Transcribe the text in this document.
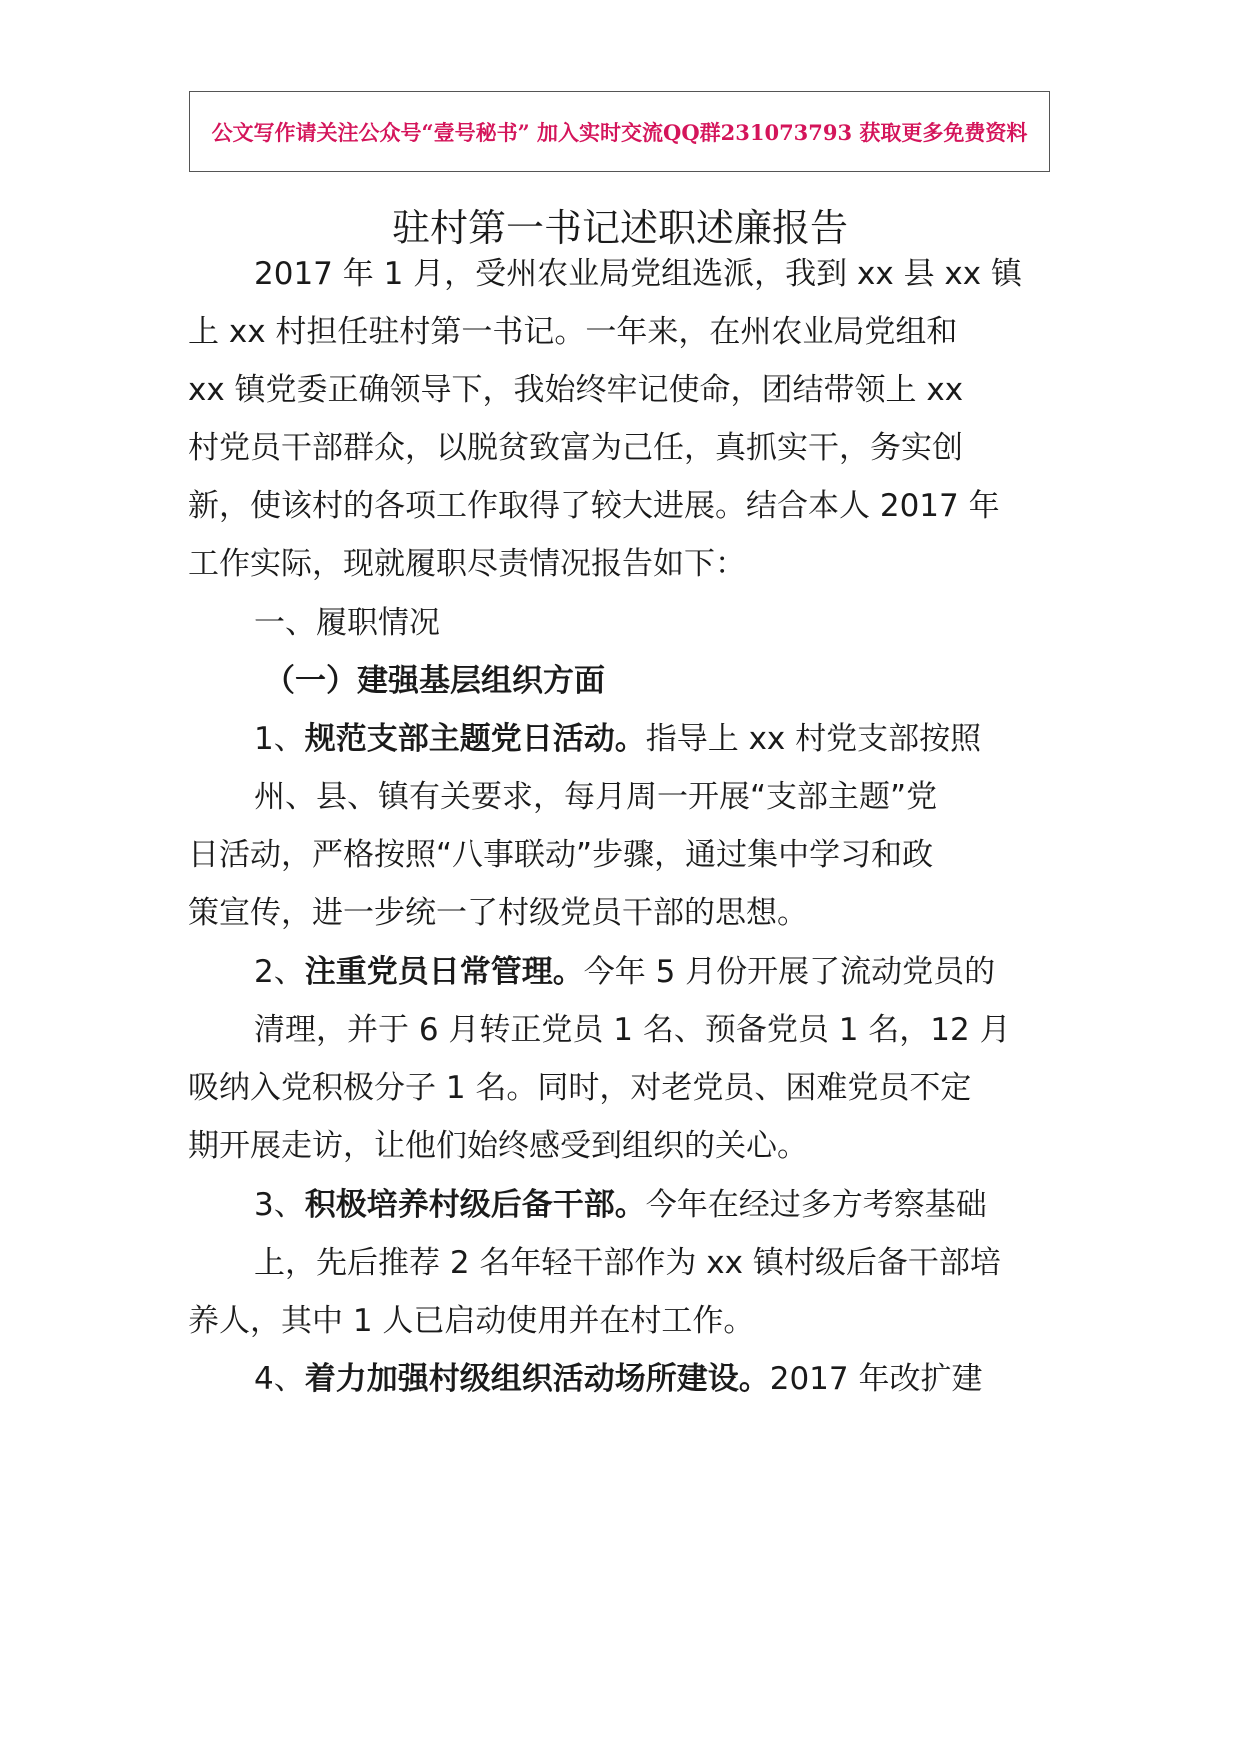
公文写作请关注公众号“壹号秘书” 加入实时交流QQ群231073793 获取更多免费资料
驻村第一书记述职述廉报告
2017 年 1 月，受州农业局党组选派，我到 xx 县 xx 镇
上 xx 村担任驻村第一书记。一年来，在州农业局党组和
xx 镇党委正确领导下，我始终牢记使命，团结带领上 xx
村党员干部群众，以脱贫致富为己任，真抓实干，务实创
新，使该村的各项工作取得了较大进展。结合本人 2017 年
工作实际，现就履职尽责情况报告如下：
一、履职情况
（一）建强基层组织方面
1、规范支部主题党日活动。指导上 xx 村党支部按照
州、县、镇有关要求，每月周一开展“支部主题”党
日活动，严格按照“八事联动”步骤，通过集中学习和政
策宣传，进一步统一了村级党员干部的思想。
2、注重党员日常管理。今年 5 月份开展了流动党员的
清理，并于 6 月转正党员 1 名、预备党员 1 名，12 月
吸纳入党积极分子 1 名。同时，对老党员、困难党员不定
期开展走访，让他们始终感受到组织的关心。
3、积极培养村级后备干部。今年在经过多方考察基础
上，先后推荐 2 名年轻干部作为 xx 镇村级后备干部培
养人，其中 1 人已启动使用并在村工作。
4、着力加强村级组织活动场所建设。2017 年改扩建
